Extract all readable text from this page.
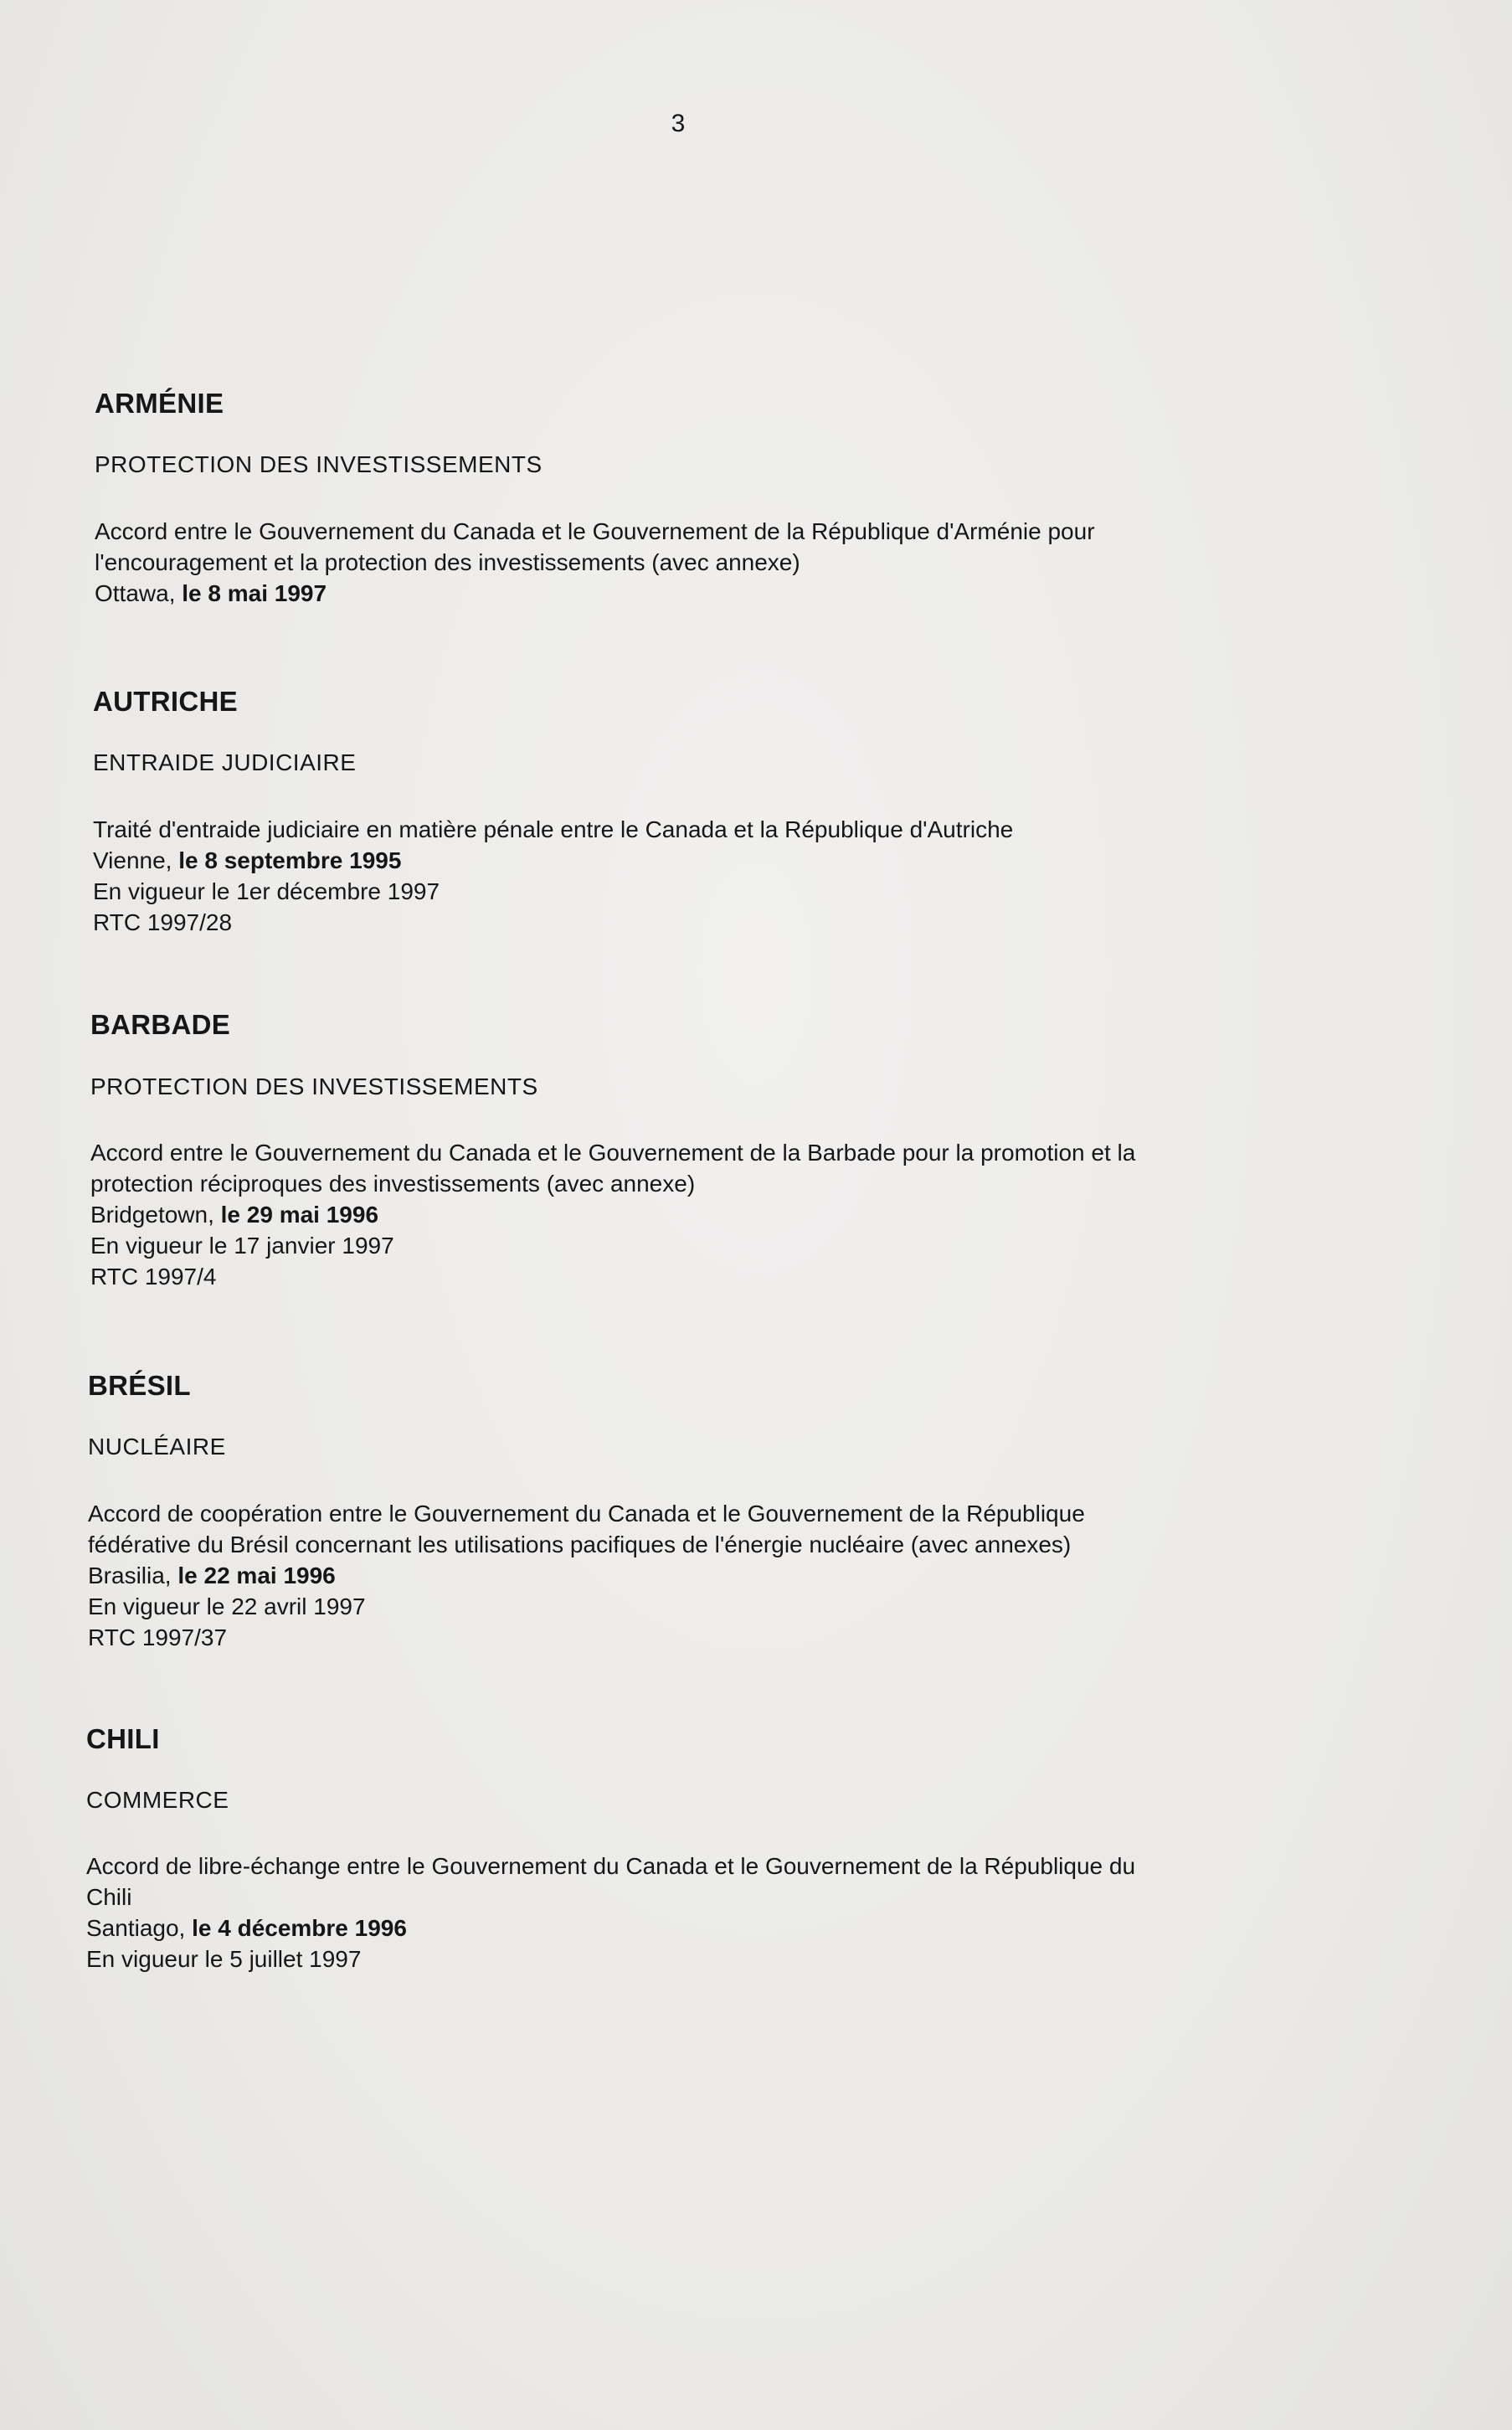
3

ARMÉNIE

PROTECTION DES INVESTISSEMENTS

Accord entre le Gouvernement du Canada et le Gouvernement de la République d'Arménie pour
l'encouragement et la protection des investissements (avec annexe)
Ottawa, le 8 mai 1997

AUTRICHE

ENTRAIDE JUDICIAIRE

Traité d'entraide judiciaire en matière pénale entre le Canada et la République d'Autriche
Vienne, le 8 septembre 1995
En vigueur le 1er décembre 1997
RTC 1997/28

BARBADE

PROTECTION DES INVESTISSEMENTS

Accord entre le Gouvernement du Canada et le Gouvernement de la Barbade pour la promotion et la
protection réciproques des investissements (avec annexe)
Bridgetown, le 29 mai 1996
En vigueur le 17 janvier 1997
RTC 1997/4

BRÉSIL

NUCLÉAIRE

Accord de coopération entre le Gouvernement du Canada et le Gouvernement de la République
fédérative du Brésil concernant les utilisations pacifiques de l'énergie nucléaire (avec annexes)
Brasilia, le 22 mai 1996
En vigueur le 22 avril 1997
RTC 1997/37

CHILI

COMMERCE

Accord de libre-échange entre le Gouvernement du Canada et le Gouvernement de la République du
Chili
Santiago, le 4 décembre 1996
En vigueur le 5 juillet 1997
